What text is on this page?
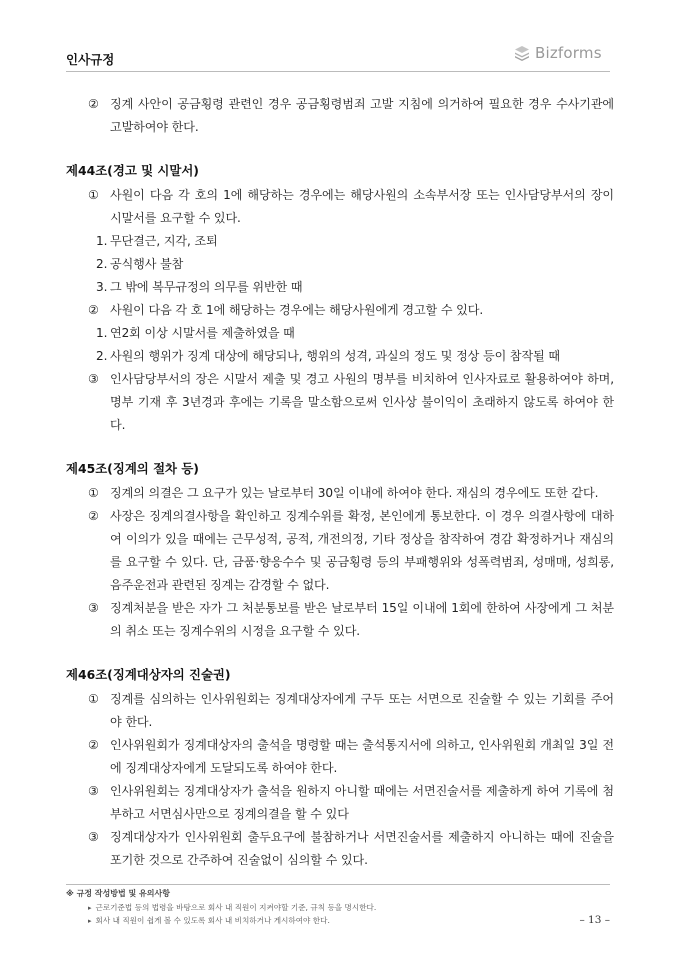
인사규정	Bizforms
② 징계 사안이 공금횡령 관련인 경우 공금횡령범죄 고발 지침에 의거하여 필요한 경우 수사기관에 고발하여야 한다.
제44조(경고 및 시말서)
① 사원이 다음 각 호의 1에 해당하는 경우에는 해당사원의 소속부서장 또는 인사담당부서의 장이 시말서를 요구할 수 있다.
1. 무단결근, 지각, 조퇴
2. 공식행사 불참
3. 그 밖에 복무규정의 의무를 위반한 때
② 사원이 다음 각 호 1에 해당하는 경우에는 해당사원에게 경고할 수 있다.
1. 연2회 이상 시말서를 제출하였을 때
2. 사원의 행위가 징계 대상에 해당되나, 행위의 성격, 과실의 정도 및 정상 등이 참작될 때
③ 인사담당부서의 장은 시말서 제출 및 경고 사원의 명부를 비치하여 인사자료로 활용하여야 하며, 명부 기재 후 3년경과 후에는 기록을 말소함으로써 인사상 불이익이 초래하지 않도록 하여야 한다.
제45조(징계의 절차 등)
① 징계의 의결은 그 요구가 있는 날로부터 30일 이내에 하여야 한다. 재심의 경우에도 또한 같다.
② 사장은 징계의결사항을 확인하고 징계수위를 확정, 본인에게 통보한다. 이 경우 의결사항에 대하여 이의가 있을 때에는 근무성적, 공적, 개전의정, 기타 정상을 참작하여 경감 확정하거나 재심의를 요구할 수 있다. 단, 금품·향응수수 및 공금횡령 등의 부패행위와 성폭력범죄, 성매매, 성희롱, 음주운전과 관련된 징계는 감경할 수 없다.
③ 징계처분을 받은 자가 그 처분통보를 받은 날로부터 15일 이내에 1회에 한하여 사장에게 그 처분의 취소 또는 징계수위의 시정을 요구할 수 있다.
제46조(징계대상자의 진술권)
① 징계를 심의하는 인사위원회는 징계대상자에게 구두 또는 서면으로 진술할 수 있는 기회를 주어야 한다.
② 인사위원회가 징계대상자의 출석을 명령할 때는 출석통지서에 의하고, 인사위원회 개최일 3일 전에 징계대상자에게 도달되도록 하여야 한다.
③ 인사위원회는 징계대상자가 출석을 원하지 아니할 때에는 서면진술서를 제출하게 하여 기록에 첨부하고 서면심사만으로 징계의결을 할 수 있다
③ 징계대상자가 인사위원회 출두요구에 불참하거나 서면진술서를 제출하지 아니하는 때에 진술을 포기한 것으로 간주하여 진술없이 심의할 수 있다.
※ 규정 작성방법 및 유의사항
▸ 근로기준법 등의 법령을 바탕으로 회사 내 직원이 지켜야할 기준, 규칙 등을 명시한다.
▸ 회사 내 직원이 쉽게 볼 수 있도록 회사 내 비치하거나 게시하여야 한다.	– 13 –
